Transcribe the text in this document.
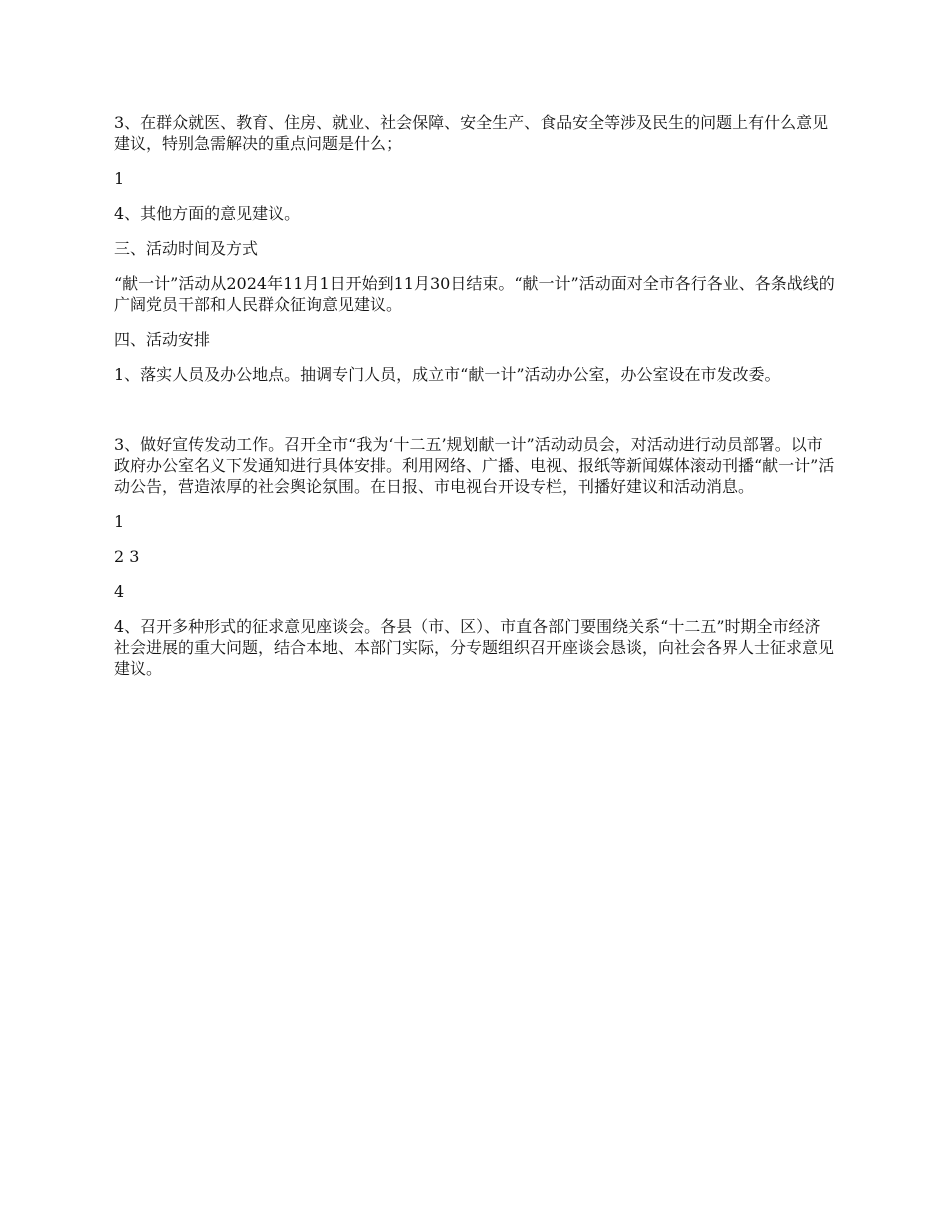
3、在群众就医、教育、住房、就业、社会保障、安全生产、食品安全等涉及民生的问题上有什么意见建议，特别急需解决的重点问题是什么；

1

4、其他方面的意见建议。

三、活动时间及方式

“献一计”活动从2024年11月1日开始到11月30日结束。“献一计”活动面对全市各行各业、各条战线的广阔党员干部和人民群众征询意见建议。

四、活动安排

1、落实人员及办公地点。抽调专门人员，成立市“献一计”活动办公室，办公室设在市发改委。

3、做好宣传发动工作。召开全市“我为‘十二五’规划献一计”活动动员会，对活动进行动员部署。以市政府办公室名义下发通知进行具体安排。利用网络、广播、电视、报纸等新闻媒体滚动刊播“献一计”活动公告，营造浓厚的社会舆论氛围。在日报、市电视台开设专栏，刊播好建议和活动消息。

1

2 3

4

4、召开多种形式的征求意见座谈会。各县（市、区）、市直各部门要围绕关系“十二五”时期全市经济社会进展的重大问题，结合本地、本部门实际，分专题组织召开座谈会恳谈，向社会各界人士征求意见建议。
